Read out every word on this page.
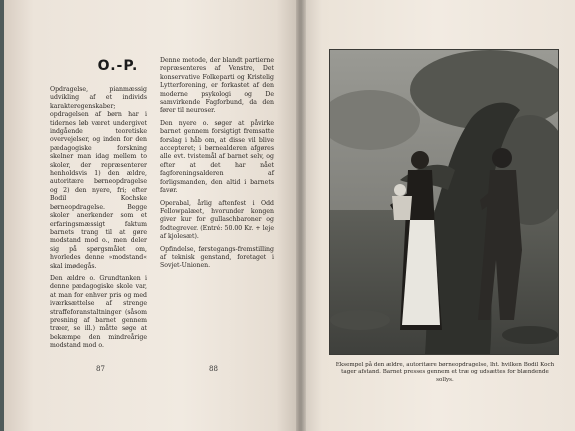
O.-P.

Opdragelse, pianmæssig udvikling af et individs karakteregenskaber; opdragelsen af børn har i tidernes løb været undergivet indgående teoretiske overvejelser, og inden for den pædagogiske forskning skelner man idag mellem to skoler, der repræsenterer henholdsvis 1) den ældre, autoritære børneopdragelse og 2) den nyere, fri; efter Bodil Kochske børneopdragelse. Begge skoler anerkender som et erfaringsmæssigt faktum barnets trang til at gøre modstand mod o., men deler sig på spørgsmålet om, hvorledes denne »modstand« skal imødegås.

Den ældre o. Grundtanken i denne pædagogiske skole var, at man for enhver pris og med iværksættelse af strenge straffeforanstaltninger (såsom presning af barnet gennem træer, se ill.) måtte søge at bekæmpe den mindreårige modstand mod o.

Denne metode, der blandt partierne repræsenteres af Venstre, Det konservative Folkeparti og Kristelig Lytterforening, er forkastet af den moderne psykologi og De samvirkende Fagforbund, da den fører til neuroser.

Den nyere o. søger at påvirke barnet gennem forsigtigt fremsatte forslag i håb om, at disse vil blive accepteret; i børnealderen afgøres alle evt. tvistemål af barnet selv, og efter at det har nået fagforeningsalderen af forligsmanden, den altid i barnets favør.

Operabal, årlig aftenfest i Odd Fellowpalæet, hvorunder kongen giver kur for gullaschbaroner og fodtegrever. (Entré: 50.00 Kr. + leje af kjolesæt).

Opfindelse, førstegangs-fremstilling af teknisk genstand, foretaget i Sovjet-Unionen.

87	88	Eksempel på den ældre, autoritære børneopdragelse, lht. hvilken Bodil Koch tager afstand. Barnet presses gennem et træ og udsættes for blændende sollys.
